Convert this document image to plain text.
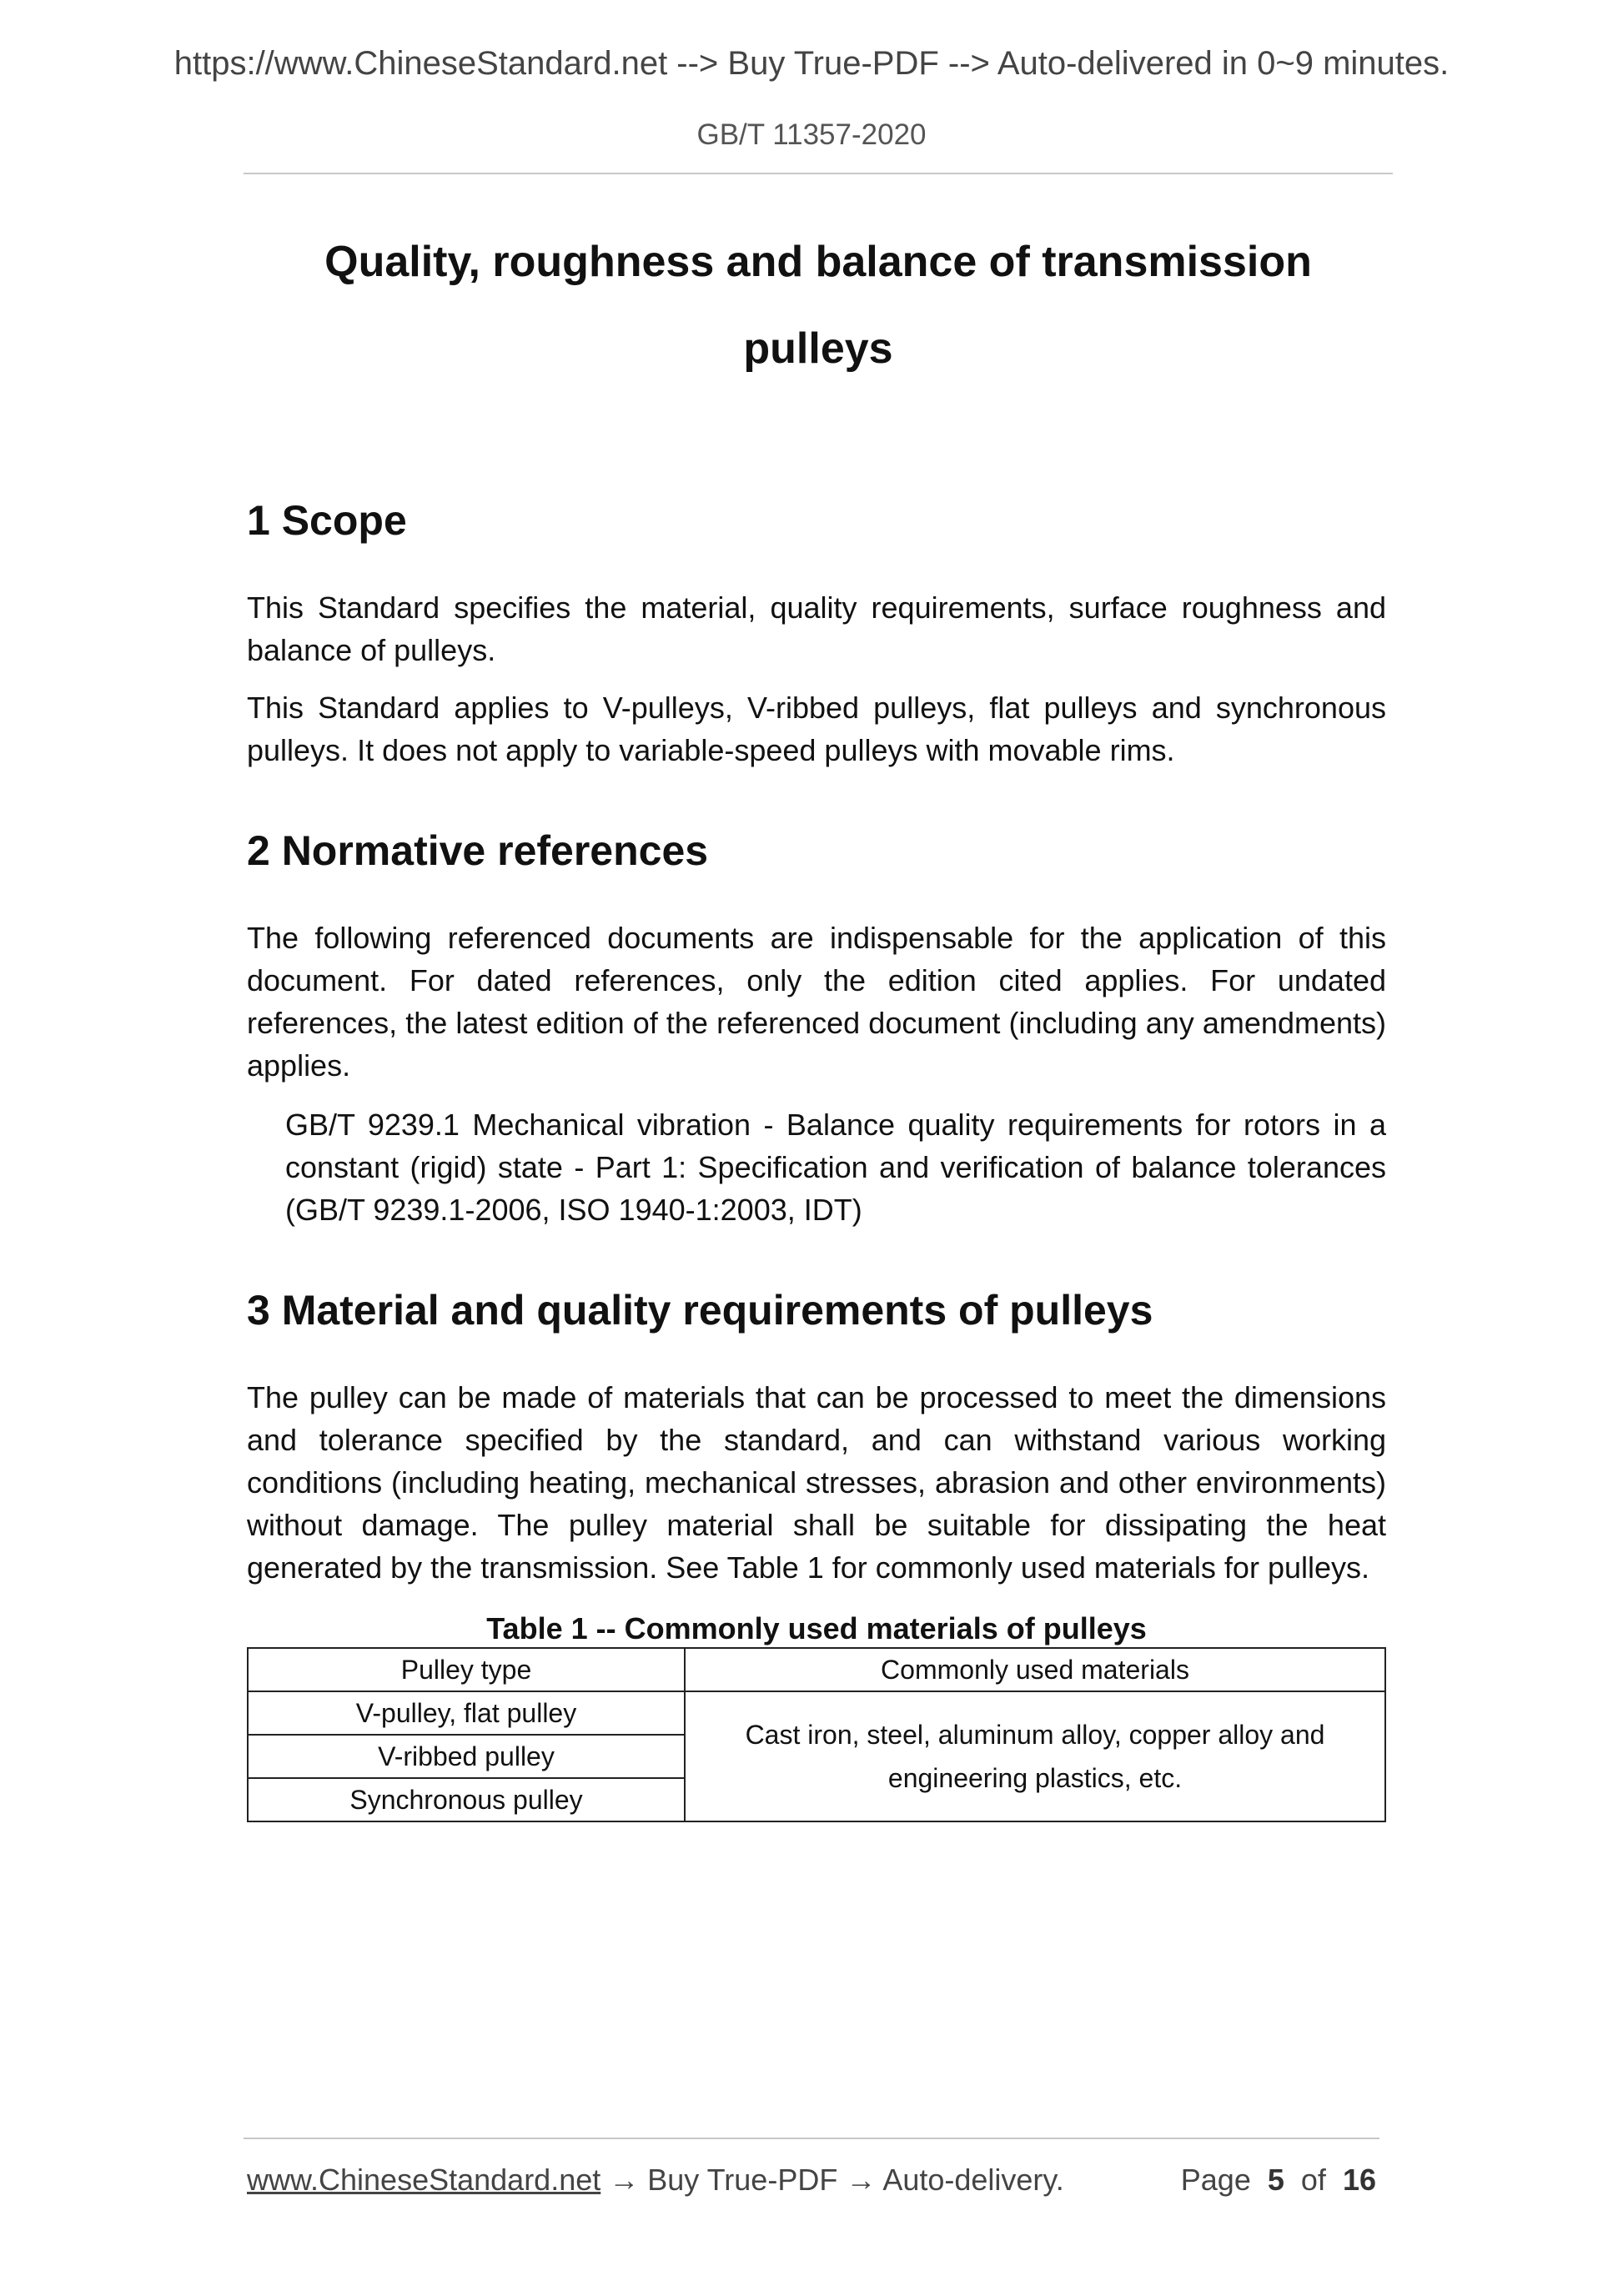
https://www.ChineseStandard.net --> Buy True-PDF --> Auto-delivered in 0~9 minutes.
GB/T 11357-2020
Quality, roughness and balance of transmission
pulleys
1 Scope

This Standard specifies the material, quality requirements, surface roughness and balance of pulleys.

This Standard applies to V-pulleys, V-ribbed pulleys, flat pulleys and synchronous pulleys. It does not apply to variable-speed pulleys with movable rims.

2 Normative references

The following referenced documents are indispensable for the application of this document. For dated references, only the edition cited applies. For undated references, the latest edition of the referenced document (including any amendments) applies.

GB/T 9239.1 Mechanical vibration - Balance quality requirements for rotors in a constant (rigid) state - Part 1: Specification and verification of balance tolerances (GB/T 9239.1-2006, ISO 1940-1:2003, IDT)

3 Material and quality requirements of pulleys

The pulley can be made of materials that can be processed to meet the dimensions and tolerance specified by the standard, and can withstand various working conditions (including heating, mechanical stresses, abrasion and other environments) without damage. The pulley material shall be suitable for dissipating the heat generated by the transmission. See Table 1 for commonly used materials for pulleys.

Table 1 -- Commonly used materials of pulleys

Pulley type	Commonly used materials
V-pulley, flat pulley	Cast iron, steel, aluminum alloy, copper alloy and engineering plastics, etc.
V-ribbed pulley	
Synchronous pulley	
www.ChineseStandard.net → Buy True-PDF → Auto-delivery.	Page 5 of 16
